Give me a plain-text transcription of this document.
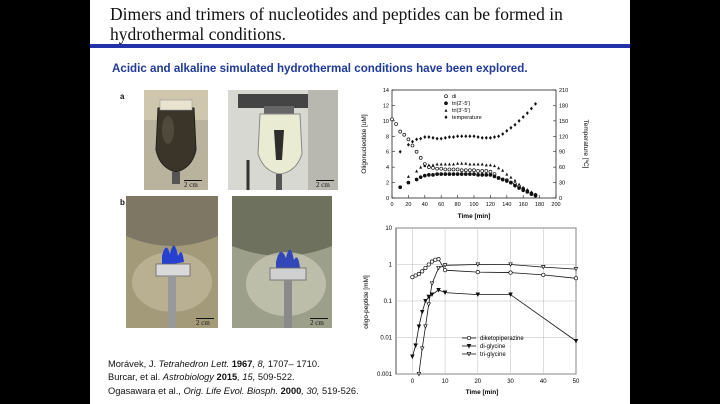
Dimers and trimers of nucleotides and peptides can be formed in
hydrothermal conditions.
Acidic and alkaline simulated hydrothermal conditions have been explored.
a
2 cm	2 cm
b
2 cm	2 cm
0
2
4
6
8
10
12
14
0
30
60
90
120
150
180
210
0 20 40 60 80 100 120 140 160 180 200
Oligonucleotide [uM]	Temperature [ºC]
Time [min]
di
tri(2'-5')
tri(3'-5')
temperature
10
1
0.1
0.01
0.001
0	10	20	30	40	50
oligo-peptide [mM]
Time [min]
diketopiperazine
di-glycine
tri-glycine
Morávek, J. Tetrahedron Lett. 1967, 8, 1707– 1710.
Burcar, et al. Astrobiology 2015, 15, 509-522.
Ogasawara et al., Orig. Life Evol. Biosph. 2000, 30, 519-526.
